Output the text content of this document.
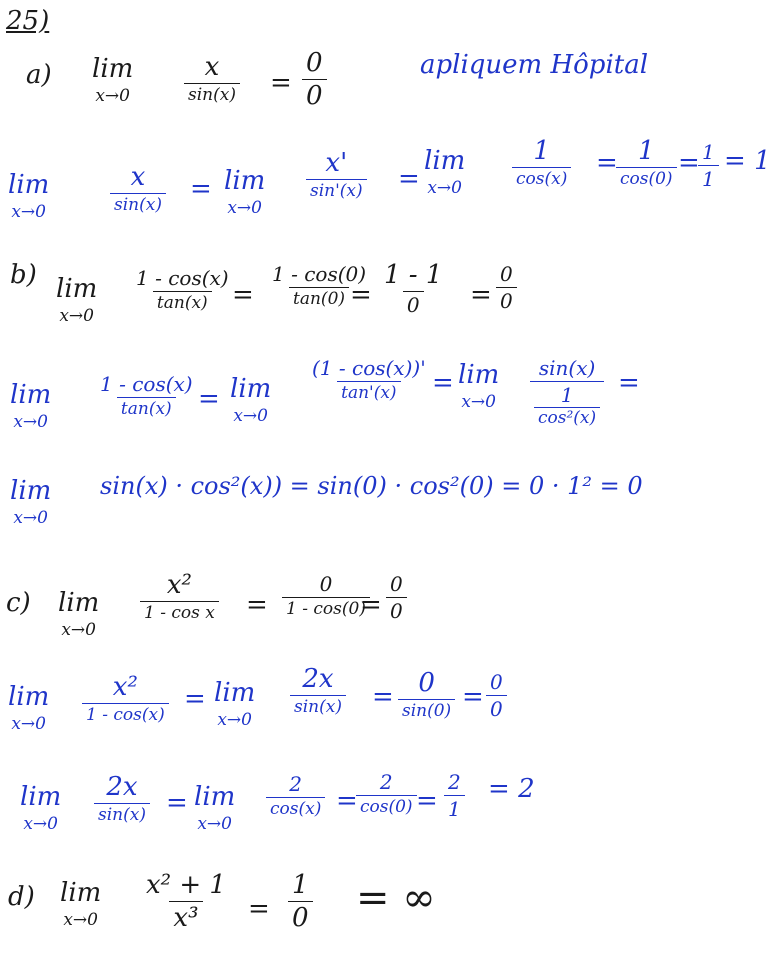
25)
a) lim
x→0
x
$\sin(x) = \frac{0}{0}$	apliquem Hôpital
lim
x→0
x
sin(x)
= lim
x→0
x'
sin'(x) =
lim
x→0
1
cos(x)
= 1
cos(0)
=
$\frac{1}{1} = 1$
b) lim
x→0
$\frac{1 - \cos(x)}{\tan(x)} = \frac{1 - \cos(0)}{\tan(0)}$
=
1 - 1
$0 = \frac{0}{0}$
lim
x→0
$\frac{1 - \cos(x)}{\tan(x)} = \lim$
x→0
$\frac{(1 - \cos(x))'}{\tan'(x)} = \lim$
$x\to 0 \frac{\sin(x)}{\frac{1}{\text{cos²(x)}}}$ =
lim
x→0
sin(x) · cos²(x)) = sin(0) · cos²(0) = 0 · 1² = 0
c) lim
x→0
x²
$1 - \cos x = \frac{0}{1 - \cos(0)}$
= $\frac{0}{0}$
lim
x→0
x²
1 - cos(x)
= lim
x→0
2x
sin(x) = 0
$\sin(0) = \frac{0}{0}$
lim
x→0
2x
sin(x) = lim
x→0
$\frac{2}{\cos(x)}$ =
$\frac{2}{\cos(0)} = \frac{2}{1} = 2$
d) lim
$x\to 0 \frac{\text{x² + 1}}{\text{x³}} = \frac{1}{0}$ = ∞
